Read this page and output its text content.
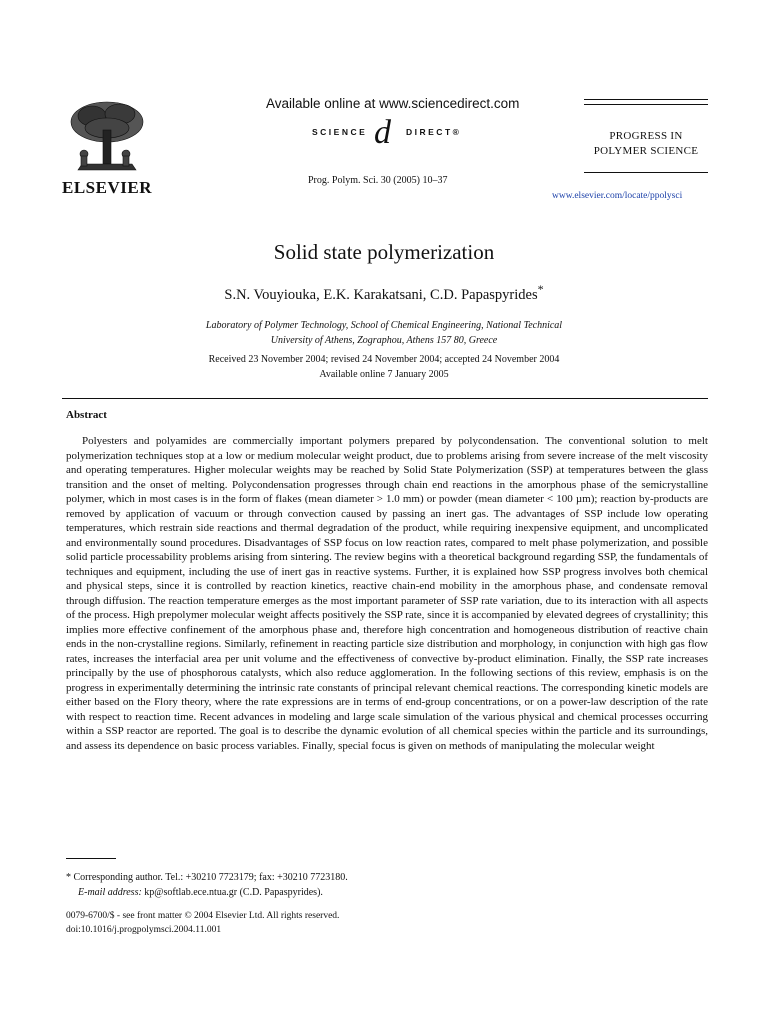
ELSEVIER
Available online at www.sciencedirect.com
SCIENCE d DIRECT®
Prog. Polym. Sci. 30 (2005) 10–37
PROGRESS IN
POLYMER SCIENCE
www.elsevier.com/locate/ppolysci
Solid state polymerization
S.N. Vouyiouka, E.K. Karakatsani, C.D. Papaspyrides*
Laboratory of Polymer Technology, School of Chemical Engineering, National Technical
University of Athens, Zographou, Athens 157 80, Greece
Received 23 November 2004; revised 24 November 2004; accepted 24 November 2004
Available online 7 January 2005
Abstract

Polyesters and polyamides are commercially important polymers prepared by polycondensation. The conventional solution to melt polymerization techniques stop at a low or medium molecular weight product, due to problems arising from severe increase of the melt viscosity and operating temperatures. Higher molecular weights may be reached by Solid State Polymerization (SSP) at temperatures between the glass transition and the onset of melting. Polycondensation progresses through chain end reactions in the amorphous phase of the semicrystalline polymer, which in most cases is in the form of flakes (mean diameter > 1.0 mm) or powder (mean diameter < 100 µm); reaction by-products are removed by application of vacuum or through convection caused by passing an inert gas. The advantages of SSP include low operating temperatures, which restrain side reactions and thermal degradation of the product, while requiring inexpensive equipment, and uncomplicated and environmentally sound procedures. Disadvantages of SSP focus on low reaction rates, compared to melt phase polymerization, and possible solid particle processability problems arising from sintering. The review begins with a theoretical background regarding SSP, the fundamentals of techniques and equipment, including the use of inert gas in reactive systems. Further, it is explained how SSP progress involves both chemical and physical steps, since it is controlled by reaction kinetics, reactive chain-end mobility in the amorphous phase, and condensate removal through diffusion. The reaction temperature emerges as the most important parameter of SSP rate variation, due to its interaction with all aspects of the process. High prepolymer molecular weight affects positively the SSP rate, since it is accompanied by elevated degrees of crystallinity; this implies more effective confinement of the amorphous phase and, therefore high concentration and homogeneous distribution of reactive chain ends in the non-crystalline regions. Similarly, refinement in reacting particle size distribution and morphology, in conjunction with high gas flow rates, increases the interfacial area per unit volume and the effectiveness of convective by-product elimination. Finally, the SSP rate increases principally by the use of phosphorous catalysts, which also reduce agglomeration. In the following sections of this review, emphasis is on the progress in experimentally determining the intrinsic rate constants of principal relevant chemical reactions. The corresponding kinetic models are either based on the Flory theory, where the rate expressions are in terms of end-group concentrations, or on a power-law description of the rate with respect to reaction time. Recent advances in modeling and large scale simulation of the various physical and chemical processes occurring within a SSP reactor are reported. The goal is to describe the dynamic evolution of all chemical species within the particle and its surroundings, and assess its dependence on basic process variables. Finally, special focus is given on methods of manipulating the molecular weight

* Corresponding author. Tel.: +30210 7723179; fax: +30210 7723180.
E-mail address: kp@softlab.ece.ntua.gr (C.D. Papaspyrides).
0079-6700/$ - see front matter © 2004 Elsevier Ltd. All rights reserved.
doi:10.1016/j.progpolymsci.2004.11.001
